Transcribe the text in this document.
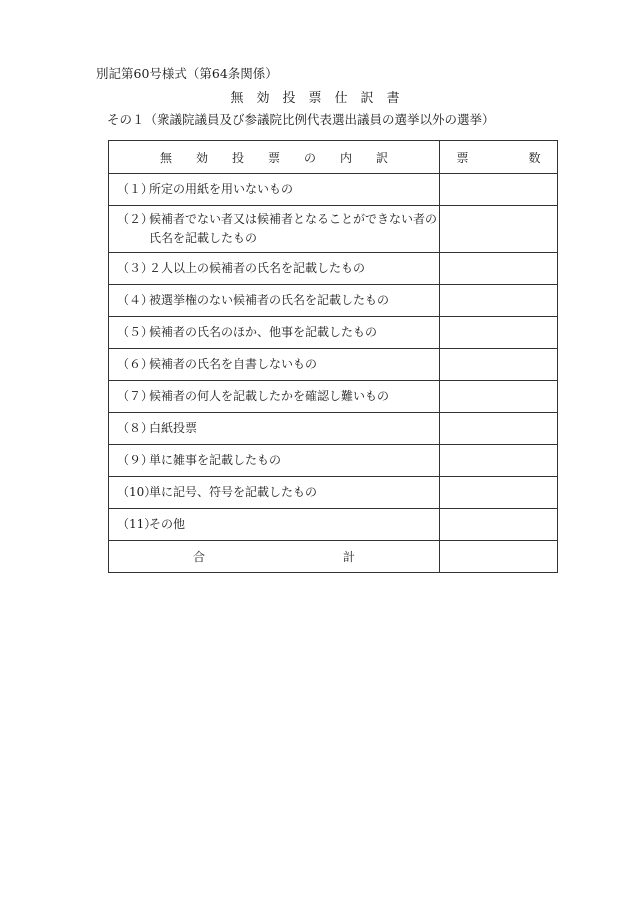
別記第60号様式（第64条関係）
無　効　投　票　仕　訳　書
その１（衆議院議員及び参議院比例代表選出議員の選挙以外の選挙）
無　　効　　投　　票　　の　　内　　訳	票　　　　　数

（１）
所定の用紙を用いないもの	

（２）
候補者でない者又は候補者となることができない者の氏名を記載したもの	

（３）
２人以上の候補者の氏名を記載したもの	

（４）
被選挙権のない候補者の氏名を記載したもの	

（５）
候補者の氏名のほか、他事を記載したもの	

（６）
候補者の氏名を自書しないもの	

（７）
候補者の何人を記載したかを確認し難いもの	

（８）
白紙投票	

（９）
単に雑事を記載したもの	

（10）
単に記号、符号を記載したもの	

（11）
その他	

合 計	
